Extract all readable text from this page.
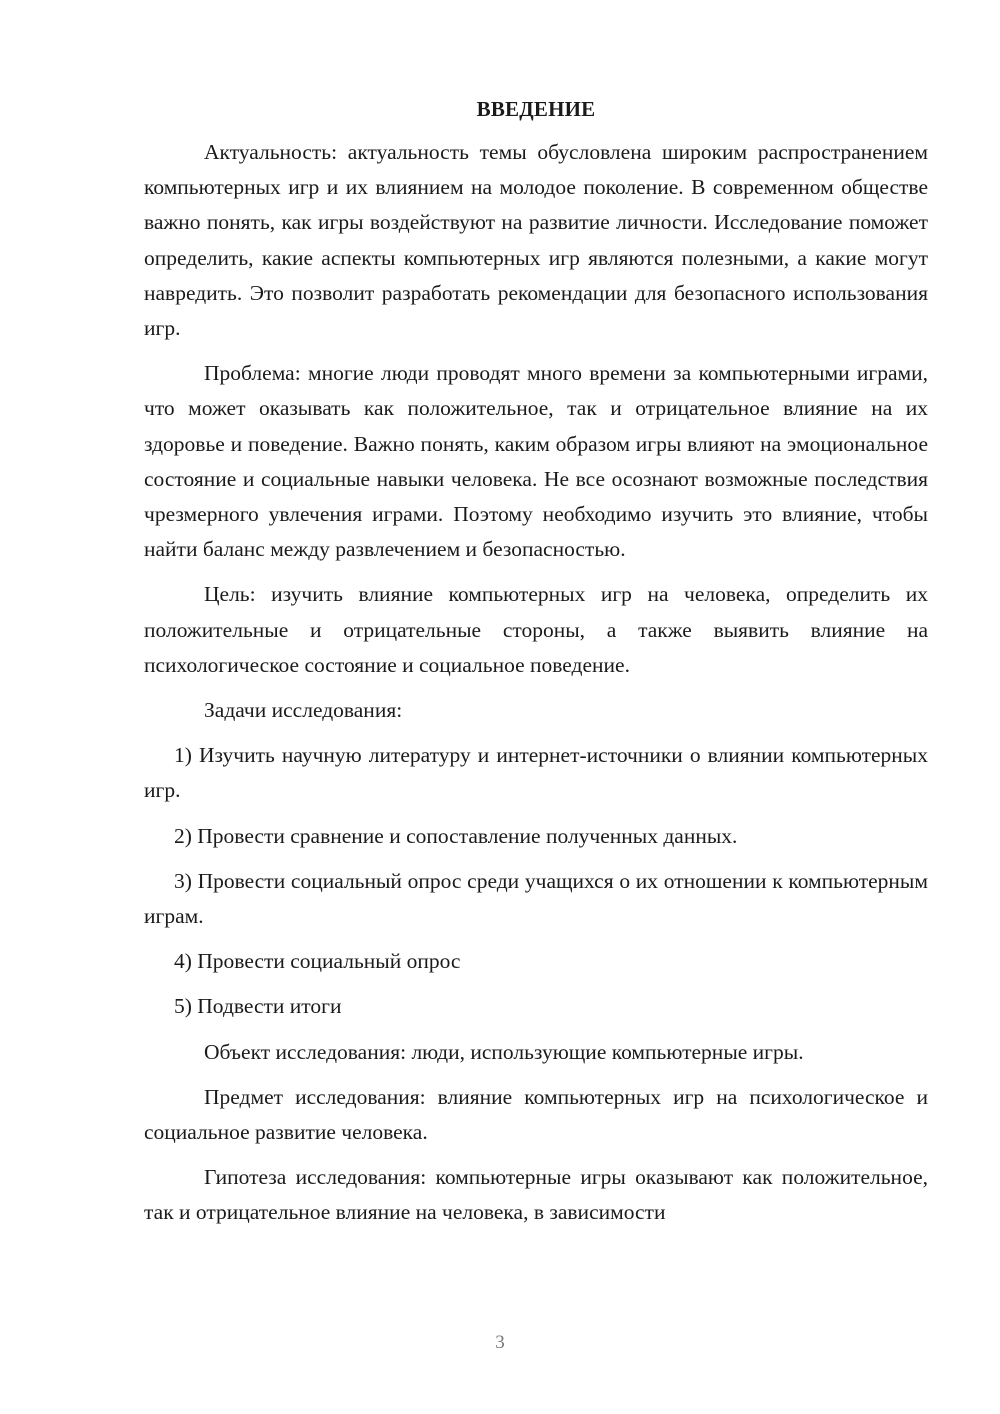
ВВЕДЕНИЕ

Актуальность: актуальность темы обусловлена широким распространением компьютерных игр и их влиянием на молодое поколение. В современном обществе важно понять, как игры воздействуют на развитие личности. Исследование поможет определить, какие аспекты компьютерных игр являются полезными, а какие могут навредить. Это позволит разработать рекомендации для безопасного использования игр.

Проблема: многие люди проводят много времени за компьютерными играми, что может оказывать как положительное, так и отрицательное влияние на их здоровье и поведение. Важно понять, каким образом игры влияют на эмоциональное состояние и социальные навыки человека. Не все осознают возможные последствия чрезмерного увлечения играми. Поэтому необходимо изучить это влияние, чтобы найти баланс между развлечением и безопасностью.

Цель: изучить влияние компьютерных игр на человека, определить их положительные и отрицательные стороны, а также выявить влияние на психологическое состояние и социальное поведение.

Задачи исследования:

1) Изучить научную литературу и интернет-источники о влиянии компьютерных игр.

2) Провести сравнение и сопоставление полученных данных.

3) Провести социальный опрос среди учащихся о их отношении к компьютерным играм.

4) Провести социальный опрос

5) Подвести итоги

Объект исследования: люди, использующие компьютерные игры.

Предмет исследования: влияние компьютерных игр на психологическое и социальное развитие человека.

Гипотеза исследования: компьютерные игры оказывают как положительное, так и отрицательное влияние на человека, в зависимости

3
